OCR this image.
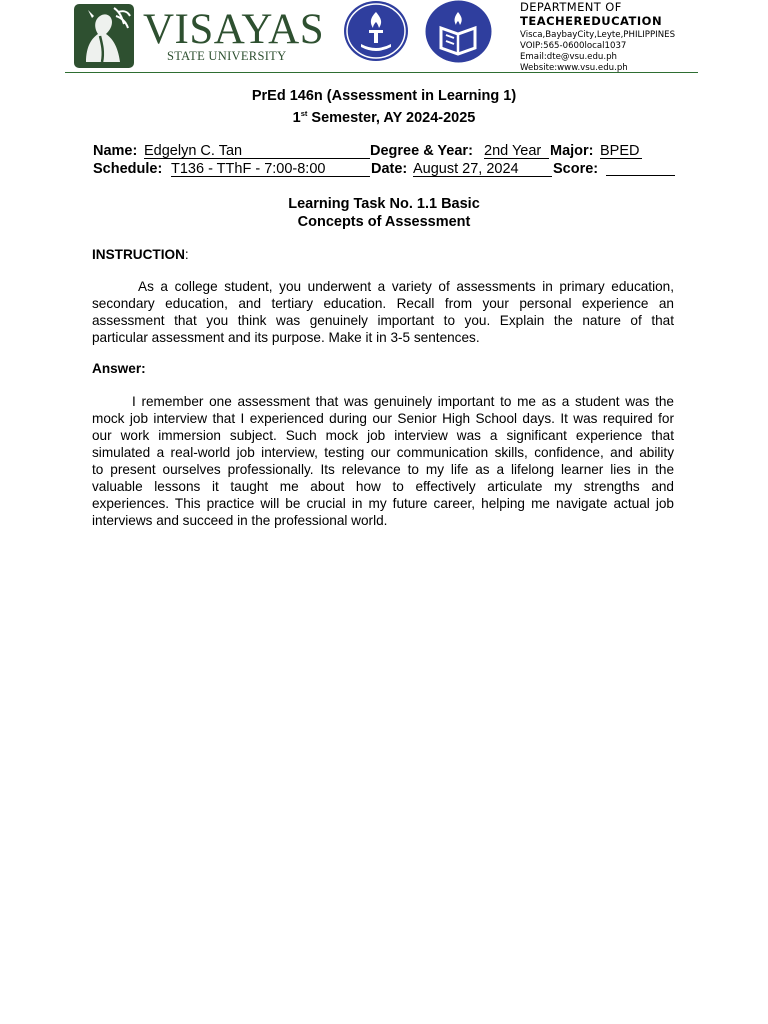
VISAYAS
STATE UNIVERSITY
DEPARTMENT OF
TEACHEREDUCATION
Visca,BaybayCity,Leyte,PHILIPPINES
VOIP:565-0600local1037
Email:dte@vsu.edu.ph
Website:www.vsu.edu.ph
PrEd 146n (Assessment in Learning 1)
1st Semester, AY 2024-2025
Name: Edgelyn C. Tan	Degree & Year: 2nd Year Major: BPED
Schedule: T136 - TThF - 7:00-8:00	Date: August 27, 2024	Score:
Learning Task No. 1.1 Basic
Concepts of Assessment
INSTRUCTION:
As a college student, you underwent a variety of assessments in primary education,
secondary education, and tertiary education. Recall from your personal experience an
assessment that you think was genuinely important to you. Explain the nature of that
particular assessment and its purpose. Make it in 3-5 sentences.
Answer:
I remember one assessment that was genuinely important to me as a student was the
mock job interview that I experienced during our Senior High School days. It was required for
our work immersion subject. Such mock job interview was a significant experience that
simulated a real-world job interview, testing our communication skills, confidence, and ability
to present ourselves professionally. Its relevance to my life as a lifelong learner lies in the
valuable lessons it taught me about how to effectively articulate my strengths and
experiences. This practice will be crucial in my future career, helping me navigate actual job
interviews and succeed in the professional world.
